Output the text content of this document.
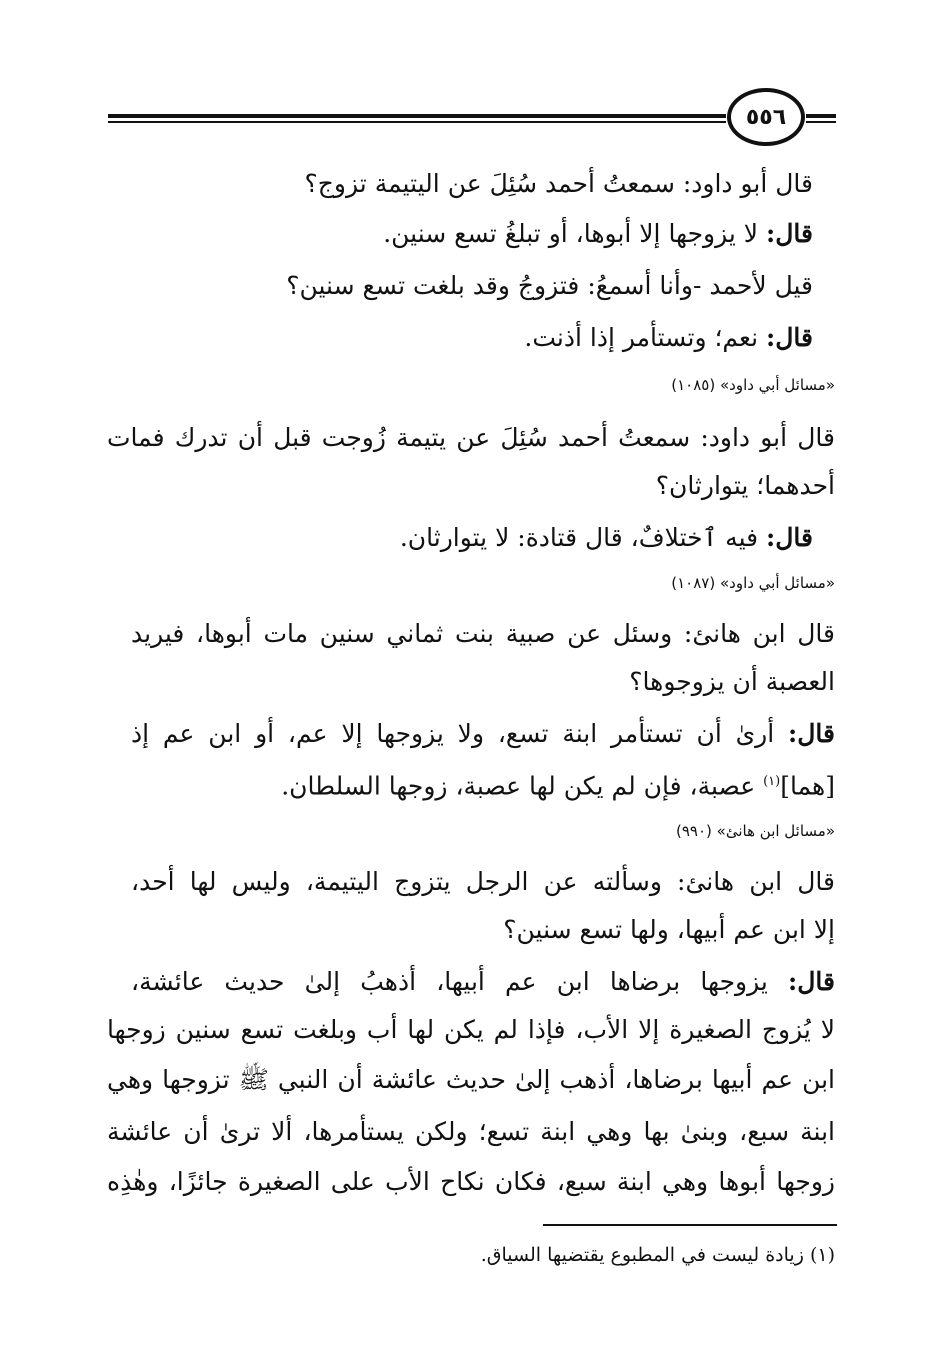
٥٥٦
قال أبو داود: سمعتُ أحمد سُئِلَ عن اليتيمة تزوج؟
قال: لا يزوجها إلا أبوها، أو تبلغُ تسع سنين.
قيل لأحمد -وأنا أسمعُ: فتزوجُ وقد بلغت تسع سنين؟
قال: نعم؛ وتستأمر إذا أذنت.
«مسائل أبي داود» (١٠٨٥)
قال أبو داود: سمعتُ أحمد سُئِلَ عن يتيمة زُوجت قبل أن تدرك فمات
أحدهما؛ يتوارثان؟
قال: فيه ٱختلافٌ، قال قتادة: لا يتوارثان.
«مسائل أبي داود» (١٠٨٧)
قال ابن هانئ: وسئل عن صبية بنت ثماني سنين مات أبوها، فيريد
العصبة أن يزوجوها؟
قال: أرىٰ أن تستأمر ابنة تسع، ولا يزوجها إلا عم، أو ابن عم إذ
[هما]$^{(١)}$ عصبة، فإن لم يكن لها عصبة، زوجها السلطان.
«مسائل ابن هانئ» (٩٩٠)
قال ابن هانئ: وسألته عن الرجل يتزوج اليتيمة، وليس لها أحد،
إلا ابن عم أبيها، ولها تسع سنين؟
قال: يزوجها برضاها ابن عم أبيها، أذهبُ إلىٰ حديث عائشة،
لا يُزوج الصغيرة إلا الأب، فإذا لم يكن لها أب وبلغت تسع سنين زوجها
ابن عم أبيها برضاها، أذهب إلىٰ حديث عائشة أن النبي ﷺ تزوجها وهي
ابنة سبع، وبنىٰ بها وهي ابنة تسع؛ ولكن يستأمرها، ألا ترىٰ أن عائشة
زوجها أبوها وهي ابنة سبع، فكان نكاح الأب على الصغيرة جائزًا، وهٰذِه
(١) زيادة ليست في المطبوع يقتضيها السياق.
